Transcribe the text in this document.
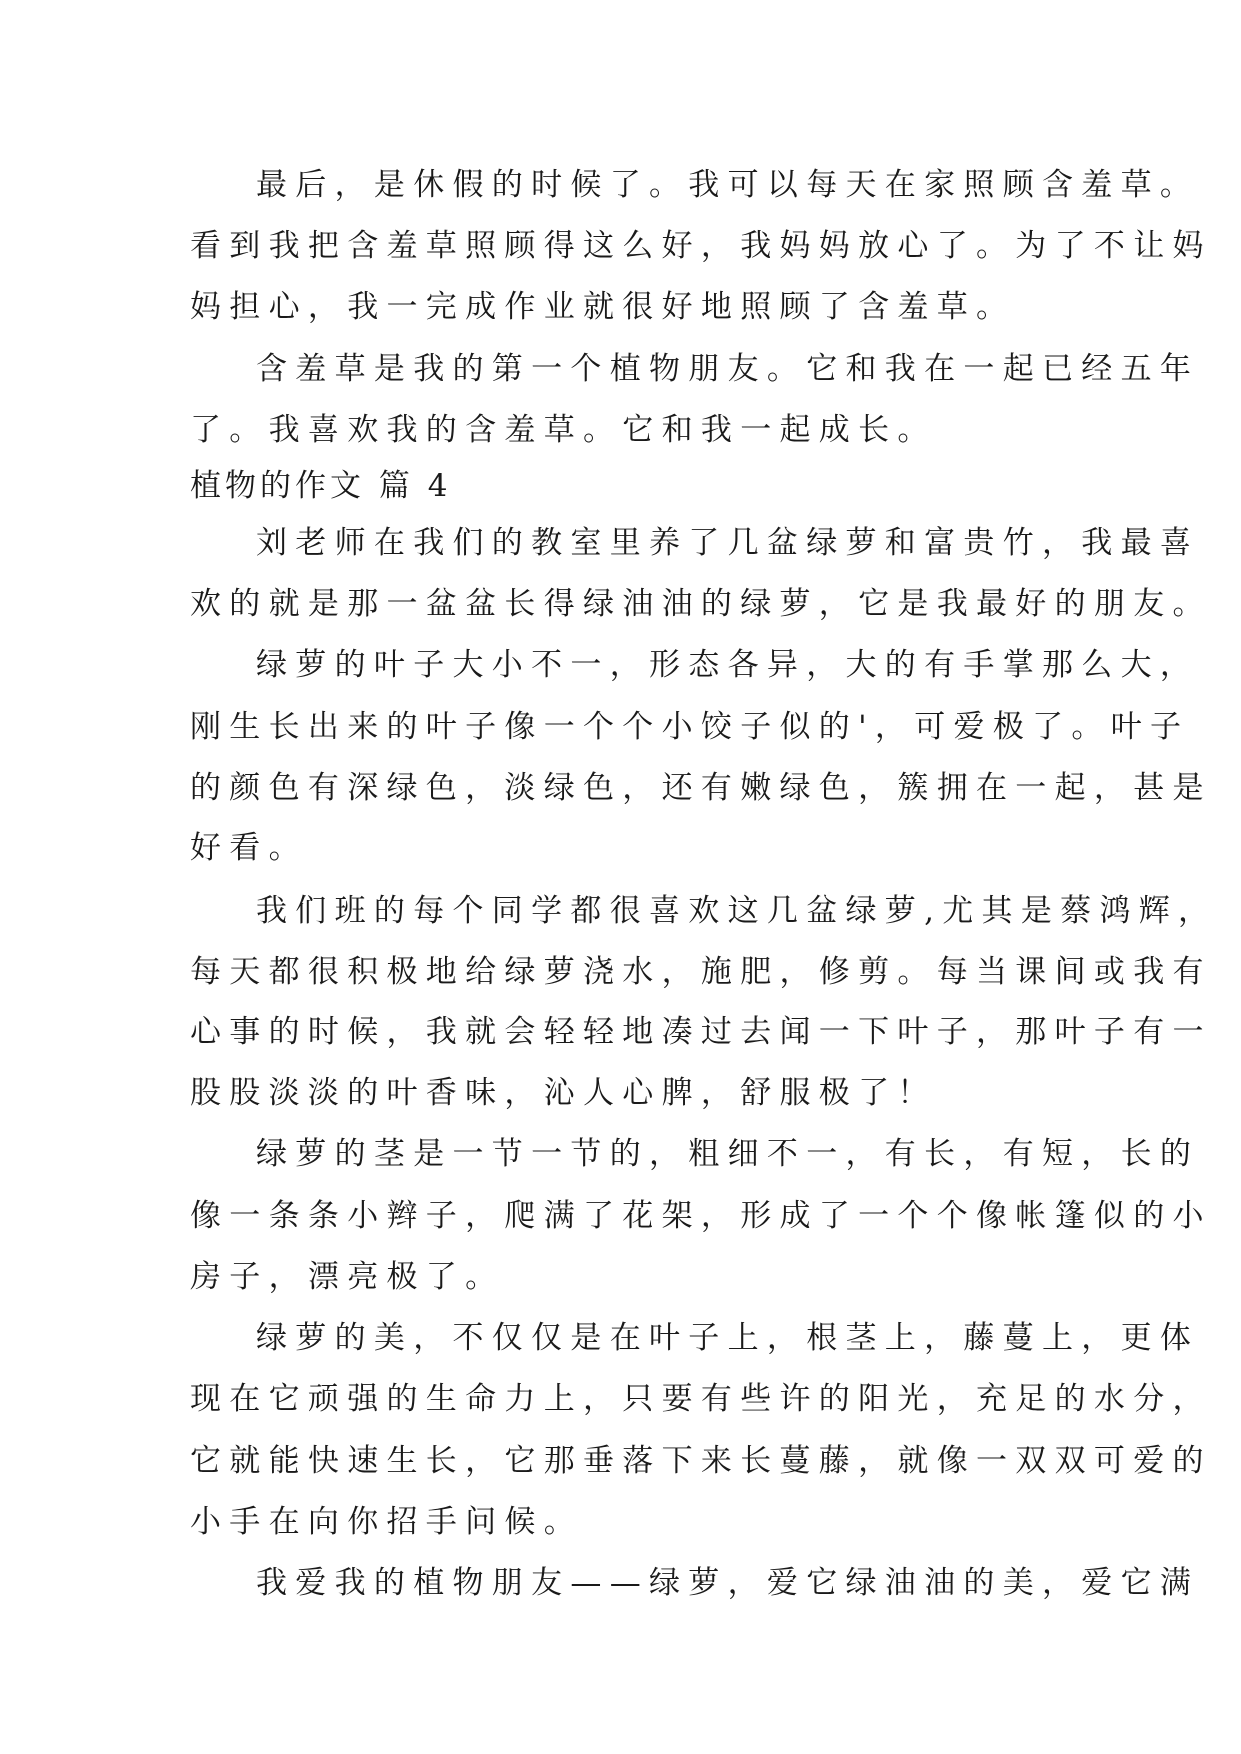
最后，是休假的时候了。我可以每天在家照顾含羞草。

看到我把含羞草照顾得这么好，我妈妈放心了。为了不让妈

妈担心，我一完成作业就很好地照顾了含羞草。

含羞草是我的第一个植物朋友。它和我在一起已经五年

了。我喜欢我的含羞草。它和我一起成长。

植物的作文 篇 4

刘老师在我们的教室里养了几盆绿萝和富贵竹，我最喜

欢的就是那一盆盆长得绿油油的绿萝，它是我最好的朋友。

绿萝的叶子大小不一，形态各异，大的有手掌那么大，

刚生长出来的叶子像一个个小饺子似的'，可爱极了。叶子

的颜色有深绿色，淡绿色，还有嫩绿色，簇拥在一起，甚是

好看。

我们班的每个同学都很喜欢这几盆绿萝,尤其是蔡鸿辉，

每天都很积极地给绿萝浇水，施肥，修剪。每当课间或我有

心事的时候，我就会轻轻地凑过去闻一下叶子，那叶子有一

股股淡淡的叶香味，沁人心脾，舒服极了！

绿萝的茎是一节一节的，粗细不一，有长，有短，长的

像一条条小辫子，爬满了花架，形成了一个个像帐篷似的小

房子，漂亮极了。

绿萝的美，不仅仅是在叶子上，根茎上，藤蔓上，更体

现在它顽强的生命力上，只要有些许的阳光，充足的水分，

它就能快速生长，它那垂落下来长蔓藤，就像一双双可爱的

小手在向你招手问候。

我爱我的植物朋友——绿萝，爱它绿油油的美，爱它满
